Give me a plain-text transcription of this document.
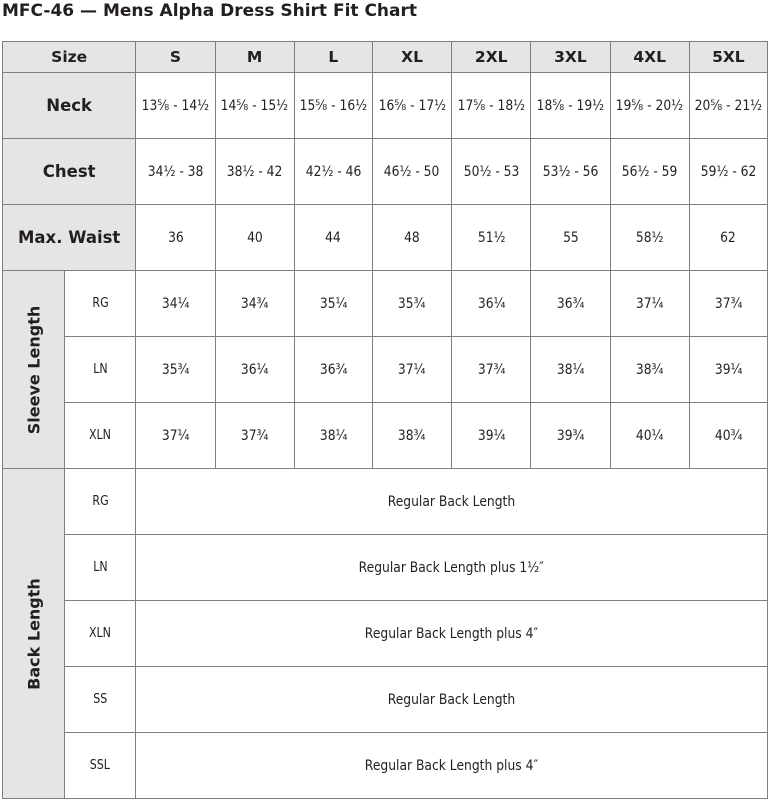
MFC-46 — Mens Alpha Dress Shirt Fit Chart
Size		S	M	L	XL	2XL	3XL	4XL	5XL
Neck		13⅝ - 14½	14⅝ - 15½	15⅝ - 16½	16⅝ - 17½	17⅝ - 18½	18⅝ - 19½	19⅝ - 20½	20⅝ - 21½
Chest		34½ - 38	38½ - 42	42½ - 46	46½ - 50	50½ - 53	53½ - 56	56½ - 59	59½ - 62
Max. Waist		36	40	44	48	51½	55	58½	62

Sleeve Length	RG	34¼	34¾	35¼	35¾	36¼	36¾	37¼	37¾
	LN	35¾	36¼	36¾	37¼	37¾	38¼	38¾	39¼
	XLN	37¼	37¾	38¼	38¾	39¼	39¾	40¼	40¾

Back Length	RG	Regular Back Length							
	LN	Regular Back Length plus 1½″							
	XLN	Regular Back Length plus 4″							
	SS	Regular Back Length							
	SSL	Regular Back Length plus 4″							
